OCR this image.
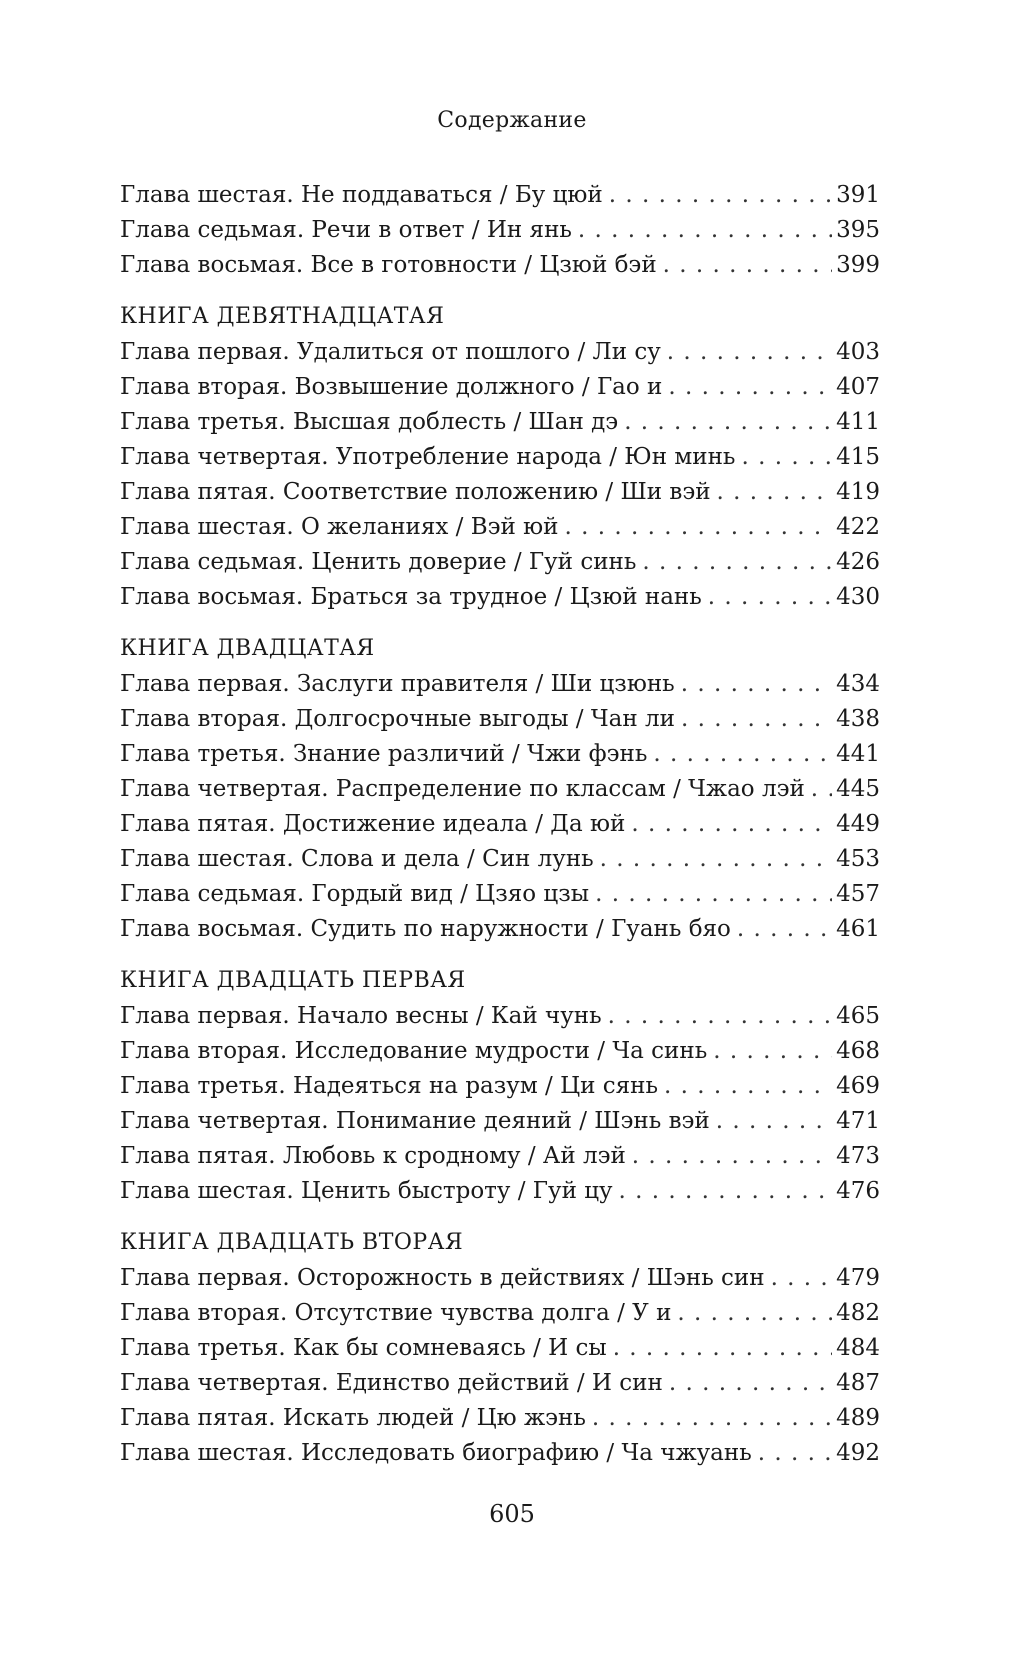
Содержание
Глава шестая. Не поддаваться / Бу цюй . . .	391
Глава седьмая. Речи в ответ / Ин янь . . .	395
Глава восьмая. Все в готовности / Цзюй бэй . . .	399
КНИГА ДЕВЯТНАДЦАТАЯ
Глава первая. Удалиться от пошлого / Ли су . . .	403
Глава вторая. Возвышение должного / Гао и . . .	407
Глава третья. Высшая доблесть / Шан дэ . . .	411
Глава четвертая. Употребление народа / Юн минь . . .	415
Глава пятая. Соответствие положению / Ши вэй . . .	419
Глава шестая. О желаниях / Вэй юй . . .	422
Глава седьмая. Ценить доверие / Гуй синь . . .	426
Глава восьмая. Браться за трудное / Цзюй нань . . .	430
КНИГА ДВАДЦАТАЯ
Глава первая. Заслуги правителя / Ши цзюнь . . .	434
Глава вторая. Долгосрочные выгоды / Чан ли . . .	438
Глава третья. Знание различий / Чжи фэнь . . .	441
Глава четвертая. Распределение по классам / Чжао лэй . . . 445
Глава пятая. Достижение идеала / Да юй . . .	449
Глава шестая. Слова и дела / Син лунь . . .	453
Глава седьмая. Гордый вид / Цзяо цзы . . .	457
Глава восьмая. Судить по наружности / Гуань бяо . . .	461
КНИГА ДВАДЦАТЬ ПЕРВАЯ
Глава первая. Начало весны / Кай чунь . . .	465
Глава вторая. Исследование мудрости / Ча синь . . .	468
Глава третья. Надеяться на разум / Ци сянь . . .	469
Глава четвертая. Понимание деяний / Шэнь вэй . . .	471
Глава пятая. Любовь к сродному / Ай лэй . . .	473
Глава шестая. Ценить быстроту / Гуй цу . . .	476
КНИГА ДВАДЦАТЬ ВТОРАЯ
Глава первая. Осторожность в действиях / Шэнь син . . .	479
Глава вторая. Отсутствие чувства долга / У и . . .	482
Глава третья. Как бы сомневаясь / И сы . . .	484
Глава четвертая. Единство действий / И син . . .	487
Глава пятая. Искать людей / Цю жэнь . . .	489
Глава шестая. Исследовать биографию / Ча чжуань . . .	492
605
